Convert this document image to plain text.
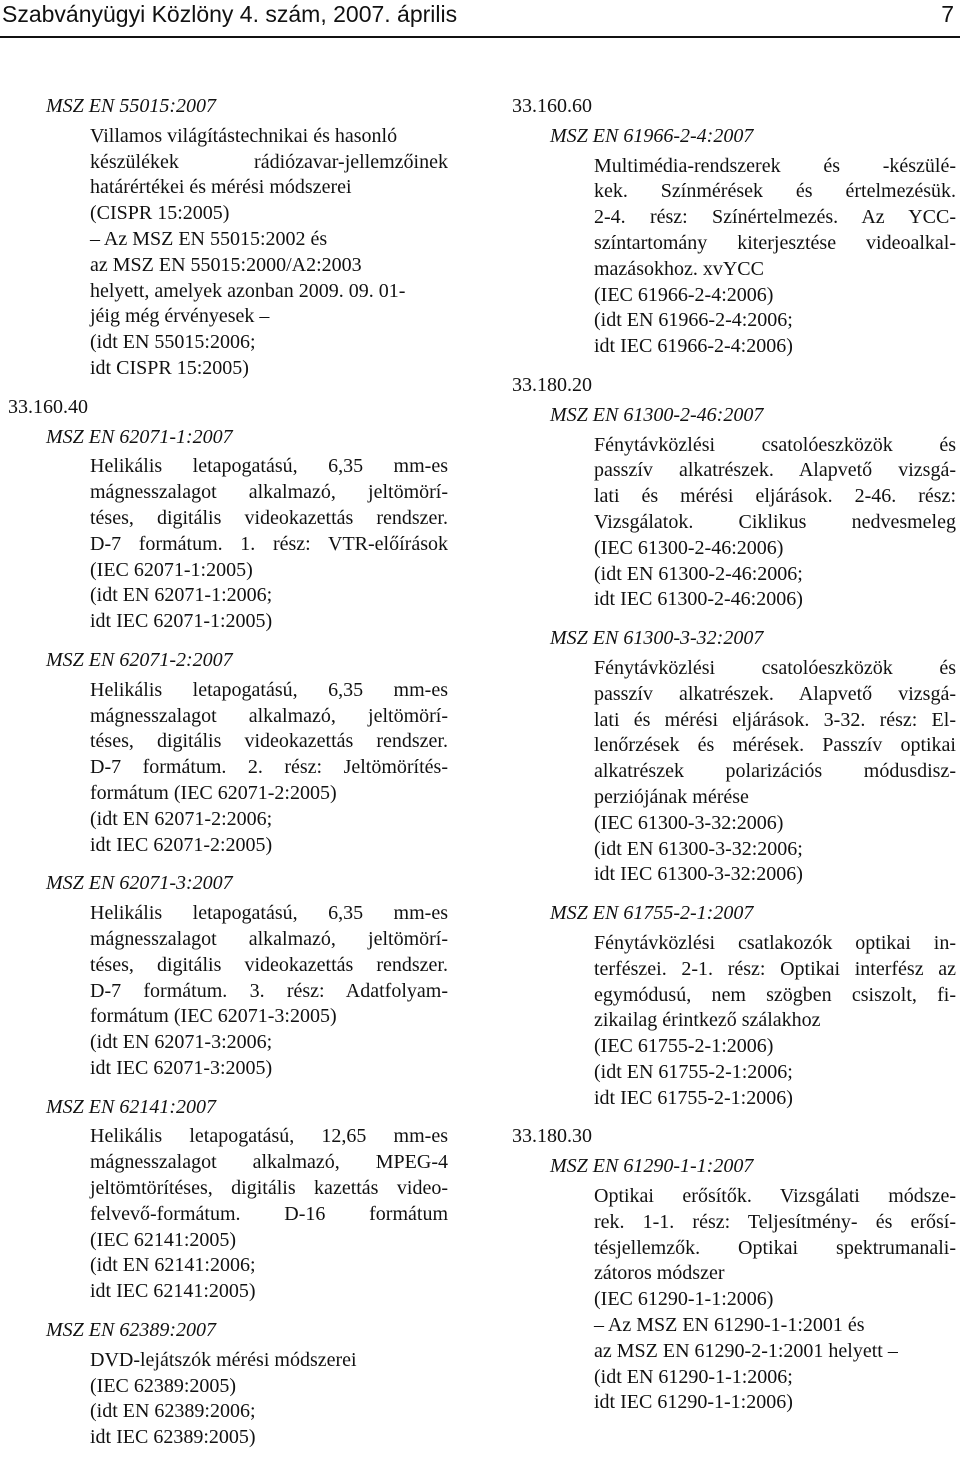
Szabványügyi Közlöny 4. szám, 2007. április	7
MSZ EN 55015:2007
Villamos világítástechnikai és hasonló
készülékek rádiózavar-jellemzőinek
határértékei és mérési módszerei
(CISPR 15:2005)
– Az MSZ EN 55015:2002 és
az MSZ EN 55015:2000/A2:2003
helyett, amelyek azonban 2009. 09. 01-
jéig még érvényesek –
(idt EN 55015:2006;
idt CISPR 15:2005)
33.160.40
MSZ EN 62071-1:2007
Helikális letapogatású, 6,35 mm-es
mágnesszalagot alkalmazó, jeltömörí-
téses, digitális videokazettás rendszer.
D-7 formátum. 1. rész: VTR-előírások
(IEC 62071-1:2005)
(idt EN 62071-1:2006;
idt IEC 62071-1:2005)
MSZ EN 62071-2:2007
Helikális letapogatású, 6,35 mm-es
mágnesszalagot alkalmazó, jeltömörí-
téses, digitális videokazettás rendszer.
D-7 formátum. 2. rész: Jeltömörítés-
formátum (IEC 62071-2:2005)
(idt EN 62071-2:2006;
idt IEC 62071-2:2005)
MSZ EN 62071-3:2007
Helikális letapogatású, 6,35 mm-es
mágnesszalagot alkalmazó, jeltömörí-
téses, digitális videokazettás rendszer.
D-7 formátum. 3. rész: Adatfolyam-
formátum (IEC 62071-3:2005)
(idt EN 62071-3:2006;
idt IEC 62071-3:2005)
MSZ EN 62141:2007
Helikális letapogatású, 12,65 mm-es
mágnesszalagot alkalmazó, MPEG-4
jeltömtörítéses, digitális kazettás video-
felvevő-formátum. D-16 formátum
(IEC 62141:2005)
(idt EN 62141:2006;
idt IEC 62141:2005)
MSZ EN 62389:2007
DVD-lejátszók mérési módszerei
(IEC 62389:2005)
(idt EN 62389:2006;
idt IEC 62389:2005)
33.160.60
MSZ EN 61966-2-4:2007
Multimédia-rendszerek és -készülé-
kek. Színmérések és értelmezésük.
2-4. rész: Színértelmezés. Az YCC-
színtartomány kiterjesztése videoalkal-
mazásokhoz. xvYCC
(IEC 61966-2-4:2006)
(idt EN 61966-2-4:2006;
idt IEC 61966-2-4:2006)
33.180.20
MSZ EN 61300-2-46:2007
Fénytávközlési csatolóeszközök és
passzív alkatrészek. Alapvető vizsgá-
lati és mérési eljárások. 2-46. rész:
Vizsgálatok. Ciklikus nedvesmeleg
(IEC 61300-2-46:2006)
(idt EN 61300-2-46:2006;
idt IEC 61300-2-46:2006)
MSZ EN 61300-3-32:2007
Fénytávközlési csatolóeszközök és
passzív alkatrészek. Alapvető vizsgá-
lati és mérési eljárások. 3-32. rész: El-
lenőrzések és mérések. Passzív optikai
alkatrészek polarizációs módusdisz-
perziójának mérése
(IEC 61300-3-32:2006)
(idt EN 61300-3-32:2006;
idt IEC 61300-3-32:2006)
MSZ EN 61755-2-1:2007
Fénytávközlési csatlakozók optikai in-
terfészei. 2-1. rész: Optikai interfész az
egymódusú, nem szögben csiszolt, fi-
zikailag érintkező szálakhoz
(IEC 61755-2-1:2006)
(idt EN 61755-2-1:2006;
idt IEC 61755-2-1:2006)
33.180.30
MSZ EN 61290-1-1:2007
Optikai erősítők. Vizsgálati módsze-
rek. 1-1. rész: Teljesítmény- és erősí-
tésjellemzők. Optikai spektrumanali-
zátoros módszer
(IEC 61290-1-1:2006)
– Az MSZ EN 61290-1-1:2001 és
az MSZ EN 61290-2-1:2001 helyett –
(idt EN 61290-1-1:2006;
idt IEC 61290-1-1:2006)
